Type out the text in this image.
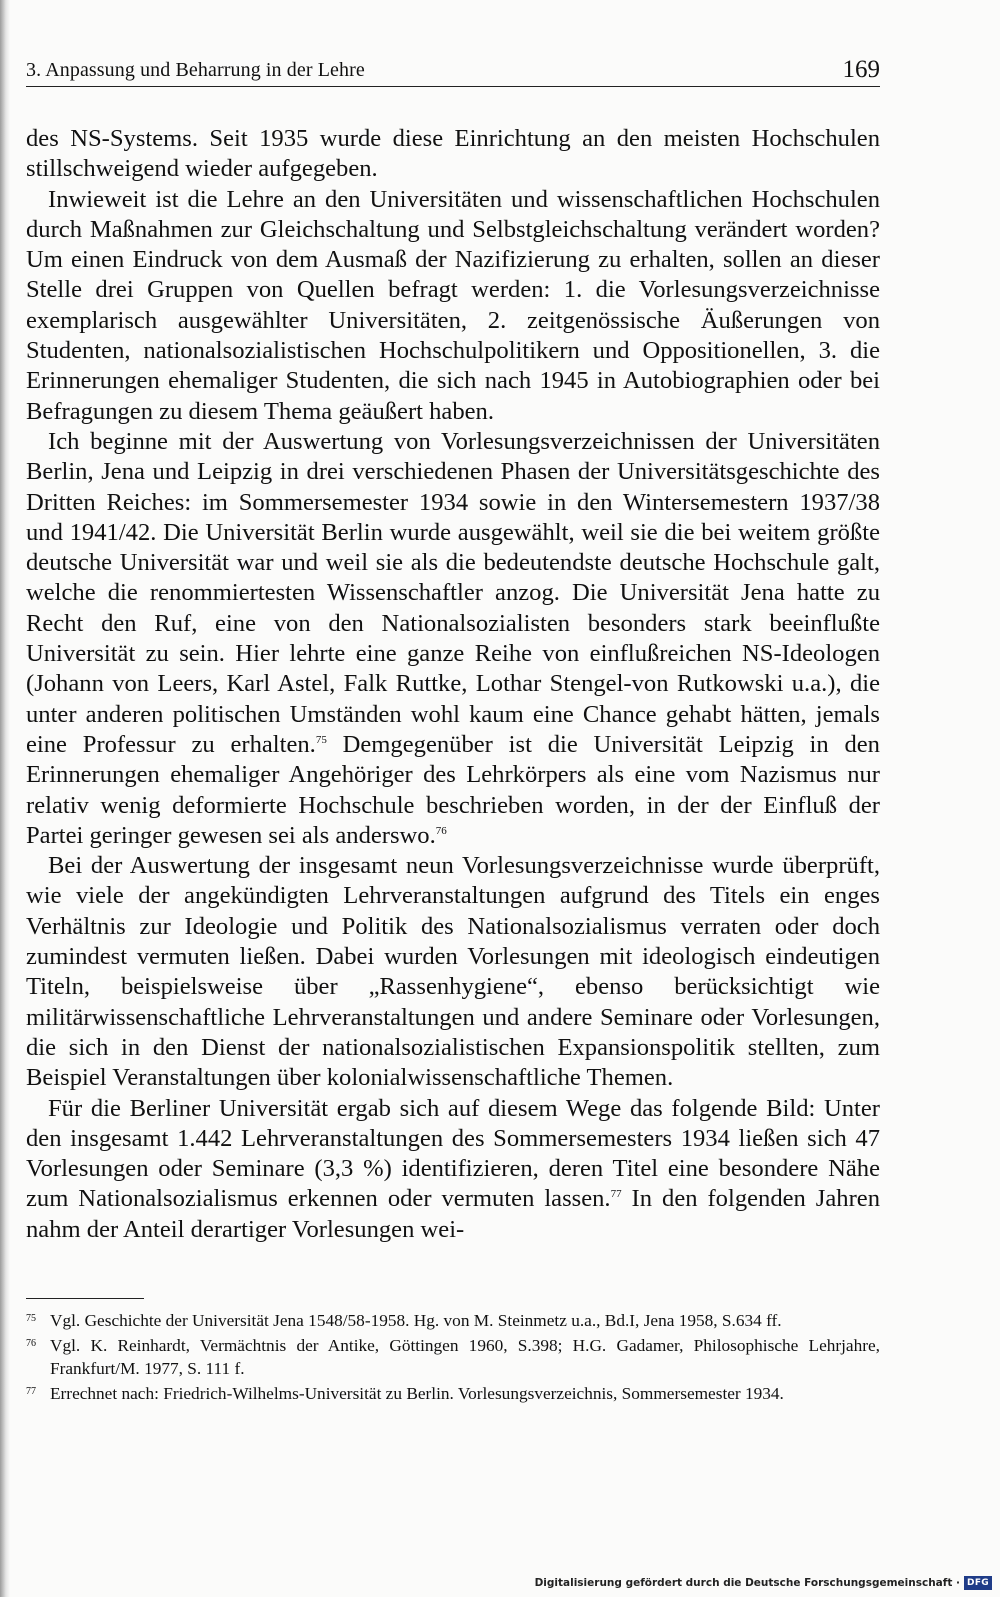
3. Anpassung und Beharrung in der Lehre	169

des NS-Systems. Seit 1935 wurde diese Einrichtung an den meisten Hochschulen stillschweigend wieder aufgegeben.

Inwieweit ist die Lehre an den Universitäten und wissenschaftlichen Hochschulen durch Maßnahmen zur Gleichschaltung und Selbstgleichschaltung verändert worden? Um einen Eindruck von dem Ausmaß der Nazifizierung zu erhalten, sollen an dieser Stelle drei Gruppen von Quellen befragt werden: 1. die Vorlesungsverzeichnisse exemplarisch ausgewählter Universitäten, 2. zeitgenössische Äußerungen von Studenten, nationalsozialistischen Hochschulpolitikern und Oppositionellen, 3. die Erinnerungen ehemaliger Studenten, die sich nach 1945 in Autobiographien oder bei Befragungen zu diesem Thema geäußert haben.

Ich beginne mit der Auswertung von Vorlesungsverzeichnissen der Universitäten Berlin, Jena und Leipzig in drei verschiedenen Phasen der Universitätsgeschichte des Dritten Reiches: im Sommersemester 1934 sowie in den Wintersemestern 1937/38 und 1941/42. Die Universität Berlin wurde ausgewählt, weil sie die bei weitem größte deutsche Universität war und weil sie als die bedeutendste deutsche Hochschule galt, welche die renommiertesten Wissenschaftler anzog. Die Universität Jena hatte zu Recht den Ruf, eine von den Nationalsozialisten besonders stark beeinflußte Universität zu sein. Hier lehrte eine ganze Reihe von einflußreichen NS-Ideologen (Johann von Leers, Karl Astel, Falk Ruttke, Lothar Stengel-von Rutkowski u.a.), die unter anderen politischen Umständen wohl kaum eine Chance gehabt hätten, jemals eine Professur zu erhalten.$^{75}$ Demgegenüber ist die Universität Leipzig in den Erinnerungen ehemaliger Angehöriger des Lehrkörpers als eine vom Nazismus nur relativ wenig deformierte Hochschule beschrieben worden, in der der Einfluß der Partei geringer gewesen sei als anderswo.$^{76}$

Bei der Auswertung der insgesamt neun Vorlesungsverzeichnisse wurde überprüft, wie viele der angekündigten Lehrveranstaltungen aufgrund des Titels ein enges Verhältnis zur Ideologie und Politik des Nationalsozialismus verraten oder doch zumindest vermuten ließen. Dabei wurden Vorlesungen mit ideologisch eindeutigen Titeln, beispielsweise über „Rassenhygiene“, ebenso berücksichtigt wie militärwissenschaftliche Lehrveranstaltungen und andere Seminare oder Vorlesungen, die sich in den Dienst der nationalsozialistischen Expansionspolitik stellten, zum Beispiel Veranstaltungen über kolonialwissenschaftliche Themen.

Für die Berliner Universität ergab sich auf diesem Wege das folgende Bild: Unter den insgesamt 1.442 Lehrveranstaltungen des Sommersemesters 1934 ließen sich 47 Vorlesungen oder Seminare (3,3 %) identifizieren, deren Titel eine besondere Nähe zum Nationalsozialismus erkennen oder vermuten lassen.$^{77}$ In den folgenden Jahren nahm der Anteil derartiger Vorlesungen wei-

75 Vgl. Geschichte der Universität Jena 1548/58-1958. Hg. von M. Steinmetz u.a., Bd.I, Jena 1958, S.634 ff.
76 Vgl. K. Reinhardt, Vermächtnis der Antike, Göttingen 1960, S.398; H.G. Gadamer, Philosophische Lehrjahre, Frankfurt/M. 1977, S. 111 f.
77 Errechnet nach: Friedrich-Wilhelms-Universität zu Berlin. Vorlesungsverzeichnis, Sommersemester 1934.
Digitalisierung gefördert durch die Deutsche Forschungsgemeinschaft · DFG
